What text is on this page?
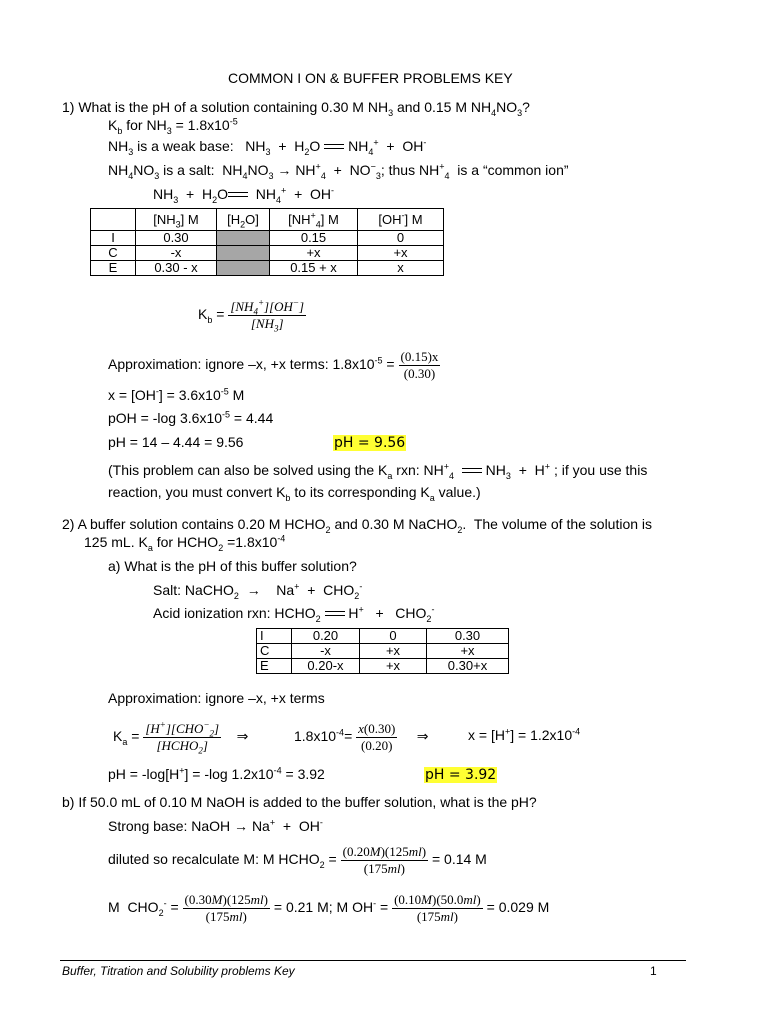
COMMON I ON & BUFFER PROBLEMS KEY
1) What is the pH of a solution containing 0.30 M $NH_3$ and 0.15 M $NH_4NO_3$?
$K_b$ for $NH_3 = 1.8x10^{-5}$
$NH_3$ is a weak base:   $NH_3 + H_2O$  $NH_4^+ + OH^-$
$NH_4NO_3$ is a salt:  $NH_4NO_3 \to NH^+_4 + NO^-_3$; thus $NH^+_4$  is a “common ion”
$NH_3 + H_2O$  $NH_4^+ + OH^-$
	$[NH_3]$ M	$[H_2O]$	$[NH^+_4]$ M	[OH-] M
I	0.30		0.15	0
C	-x		+x	+x
E	0.30 - x		0.15 + x	x
$K_b = \frac{[NH_4^+][OH^-]}{[NH_3]}$
Approximation: ignore –x, +x terms: $1.8x10^{-5} = \frac{(0.15)x}{(0.30)}$
$x = [OH^-] = 3.6x10^{-5}$ M
pOH = -log $3.6x10^{-5} = 4.44$
pH = 14 – 4.44 = 9.56	pH = 9.56
(This problem can also be solved using the $K_a$ rxn: $NH^+_4$   $NH_3 + H^+$ ; if you use this
reaction, you must convert $K_b$ to its corresponding $K_a$ value.)
2) A buffer solution contains 0.20 M $HCHO_2$ and 0.30 M NaCHO$_2$.  The volume of the solution is
125 mL. $K_a$ for $HCHO_2 =1.8x10^{-4}$
a) What is the pH of this buffer solution?
Salt: NaCHO$_2$  →    $Na^+ + CHO_2^-$
Acid ionization rxn: $HCHO_2$  $H^+ + CHO_2^-$
I	0.20	0	0.30
C	-x	+x	+x
E	0.20-x	+x	0.30+x
Approximation: ignore –x, +x terms
$K_a = \frac{[H^+][CHO^-_2]}{[HCHO_2]}$ ⇒	$1.8x10^{-4}= \frac{x(0.30)}{(0.20)}$ ⇒	$x = [H^+] = 1.2x10^{-4}$
pH = -log[H+] = -log $1.2x10^{-4} = 3.92$	pH = 3.92
b) If 50.0 mL of 0.10 M NaOH is added to the buffer solution, what is the pH?
Strong base: NaOH → Na+  +  OH-
diluted so recalculate M: M $HCHO_2 = \frac{(0.20M)(125ml)}{(175ml)} = 0.14$ M
M  $CHO_2^- = \frac{(0.30M)(125ml)}{(175ml)} = 0.21$ M; M $OH^- = \frac{(0.10M)(50.0ml)}{(175ml)} = 0.029$ M
Buffer, Titration and Solubility problems Key	1
